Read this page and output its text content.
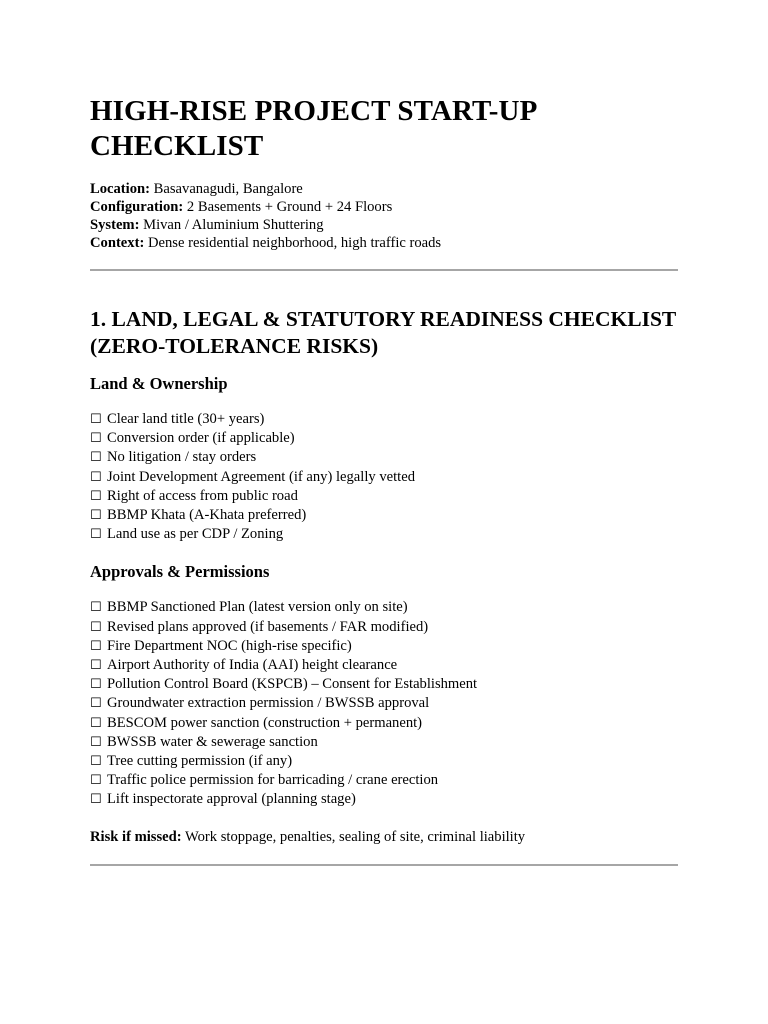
HIGH-RISE PROJECT START-UP CHECKLIST

Location: Basavanagudi, Bangalore

Configuration: 2 Basements + Ground + 24 Floors

System: Mivan / Aluminium Shuttering

Context: Dense residential neighborhood, high traffic roads

1. LAND, LEGAL & STATUTORY READINESS CHECKLIST (ZERO-TOLERANCE RISKS)
Land & Ownership
☐ Clear land title (30+ years)
☐ Conversion order (if applicable)
☐ No litigation / stay orders
☐ Joint Development Agreement (if any) legally vetted
☐ Right of access from public road
☐ BBMP Khata (A-Khata preferred)
☐ Land use as per CDP / Zoning
Approvals & Permissions
☐ BBMP Sanctioned Plan (latest version only on site)
☐ Revised plans approved (if basements / FAR modified)
☐ Fire Department NOC (high-rise specific)
☐ Airport Authority of India (AAI) height clearance
☐ Pollution Control Board (KSPCB) – Consent for Establishment
☐ Groundwater extraction permission / BWSSB approval
☐ BESCOM power sanction (construction + permanent)
☐ BWSSB water & sewerage sanction
☐ Tree cutting permission (if any)
☐ Traffic police permission for barricading / crane erection
☐ Lift inspectorate approval (planning stage)

Risk if missed: Work stoppage, penalties, sealing of site, criminal liability
